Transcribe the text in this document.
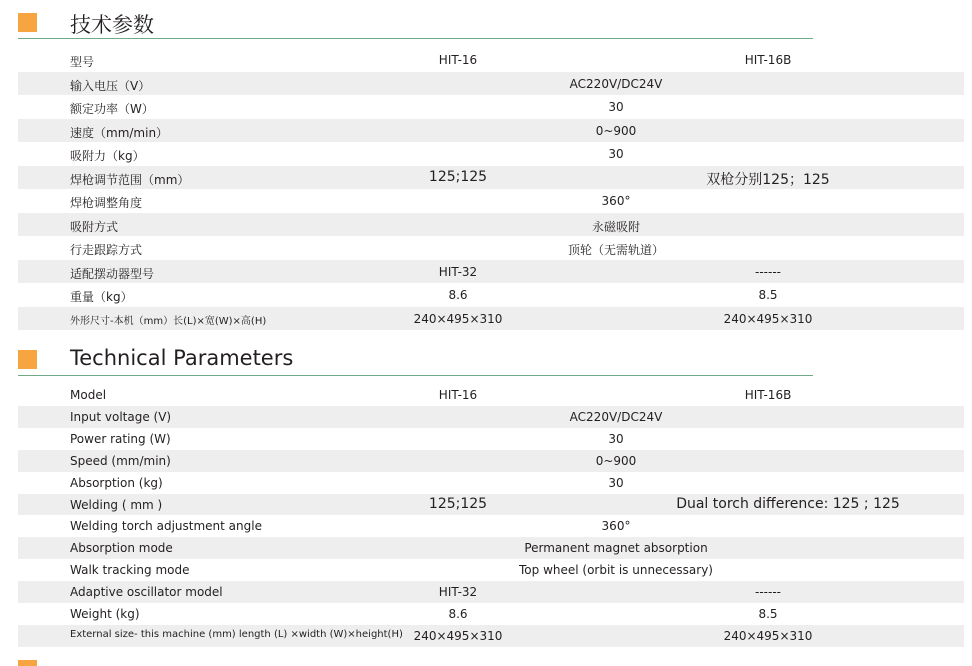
技术参数
型号	HIT-16	HIT-16B
输入电压（V）	AC220V/DC24V
额定功率（W）	30
速度（mm/min）	0~900
吸附力（kg）	30
焊枪调节范围（mm）	125;125	双枪分别125；125
焊枪调整角度	360°
吸附方式	永磁吸附
行走跟踪方式	顶轮（无需轨道）
适配摆动器型号	HIT-32	------
重量（kg）	8.6	8.5
外形尺寸-本机（mm）长(L)×宽(W)×高(H)	240×495×310	240×495×310
Technical Parameters
Model	HIT-16	HIT-16B
Input voltage (V)	AC220V/DC24V
Power rating (W)	30
Speed (mm/min)	0~900
Absorption (kg)	30
Welding ( mm )	125;125	Dual torch difference: 125 ; 125
Welding torch adjustment angle	360°
Absorption mode	Permanent magnet absorption
Walk tracking mode	Top wheel (orbit is unnecessary)
Adaptive oscillator model	HIT-32	------
Weight (kg)	8.6	8.5
External size- this machine (mm) length (L) ×width (W)×height(H) 240×495×310	240×495×310
